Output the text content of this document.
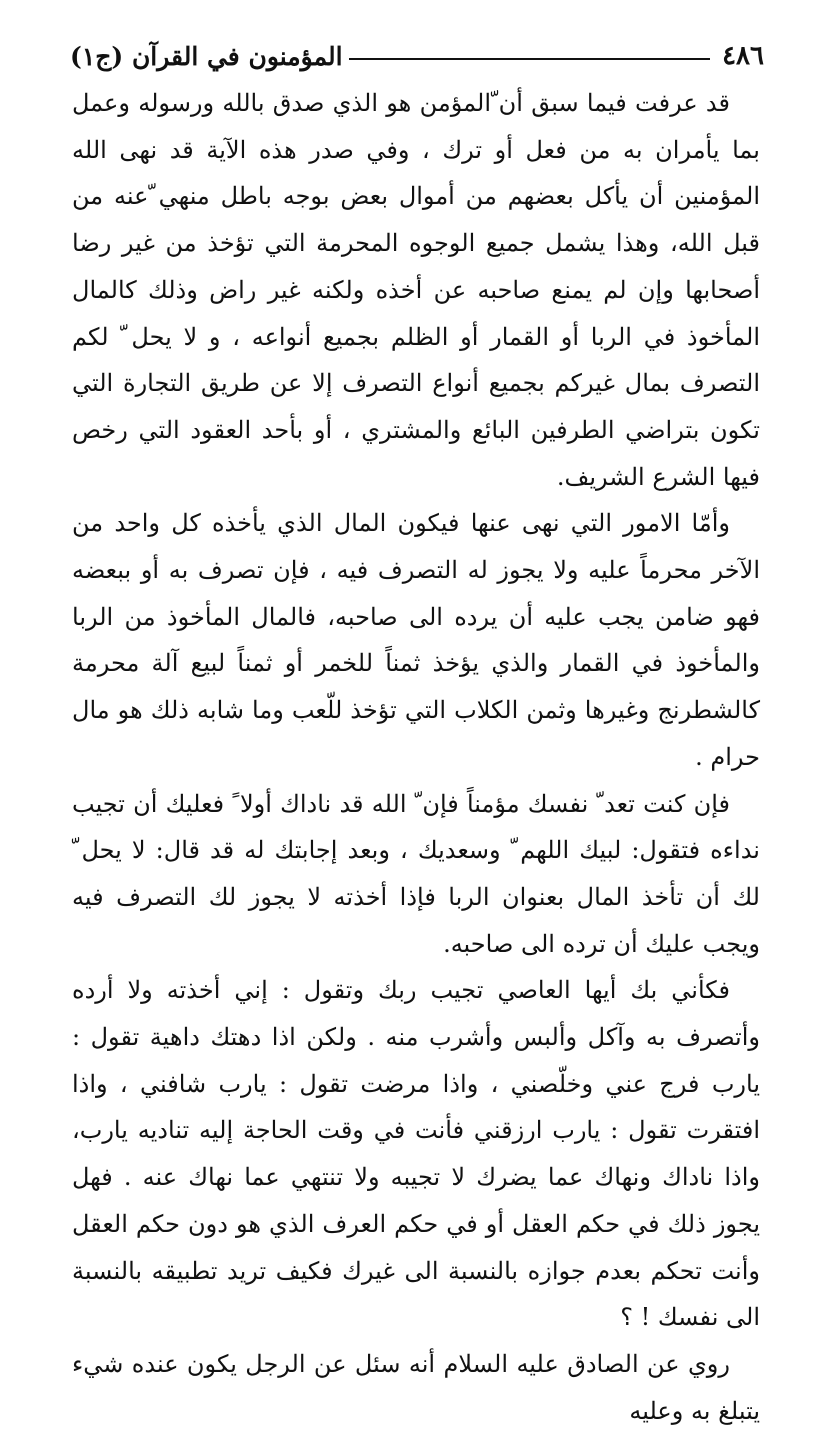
٤٨٦
المؤمنون في القرآن (ج١)

قد عرفت فيما سبق أن ّالمؤمن هو الذي صدق بالله ورسوله وعمل بما يأمران به من فعل أو ترك ، وفي صدر هذه الآية قد نهى الله المؤمنين أن يأكل بعضهم من أموال بعض بوجه باطل منهي ّعنه من قبل الله، وهذا يشمل جميع الوجوه المحرمة التي تؤخذ من غير رضا أصحابها وإن لم يمنع صاحبه عن أخذه ولكنه غير راض وذلك كالمال المأخوذ في الربا أو القمار أو الظلم بجميع أنواعه ، و لا يحل ّ لكم التصرف بمال غيركم بجميع أنواع التصرف إلا عن طريق التجارة التي تكون بتراضي الطرفين البائع والمشتري ، أو بأحد العقود التي رخص فيها الشرع الشريف.

وأمّا الامور التي نهى عنها فيكون المال الذي يأخذه كل واحد من الآخر محرماً عليه ولا يجوز له التصرف فيه ، فإن تصرف به أو ببعضه فهو ضامن يجب عليه أن يرده الى صاحبه، فالمال المأخوذ من الربا والمأخوذ في القمار والذي يؤخذ ثمناً للخمر أو ثمناً لبيع آلة محرمة كالشطرنج وغيرها وثمن الكلاب التي تؤخذ للّعب وما شابه ذلك هو مال حرام .

فإن كنت تعد ّ نفسك مؤمناً فإن ّ الله قد ناداك أولا ً فعليك أن تجيب نداءه فتقول: لبيك اللهم ّ وسعديك ، وبعد إجابتك له قد قال: لا يحل ّ لك أن تأخذ المال بعنوان الربا فإذا أخذته لا يجوز لك التصرف فيه ويجب عليك أن ترده الى صاحبه.

فكأني بك أيها العاصي تجيب ربك وتقول : إني أخذته ولا أرده وأتصرف به وآكل وألبس وأشرب منه . ولكن اذا دهتك داهية تقول : يارب فرج عني وخلّصني ، واذا مرضت تقول : يارب شافني ، واذا افتقرت تقول : يارب ارزقني فأنت في وقت الحاجة إليه تناديه يارب، واذا ناداك ونهاك عما يضرك لا تجيبه ولا تنتهي عما نهاك عنه . فهل يجوز ذلك في حكم العقل أو في حكم العرف الذي هو دون حكم العقل وأنت تحكم بعدم جوازه بالنسبة الى غيرك فكيف تريد تطبيقه بالنسبة الى نفسك ! ؟

روي عن الصادق عليه السلام أنه سئل عن الرجل يكون عنده شيء يتبلغ به وعليه
